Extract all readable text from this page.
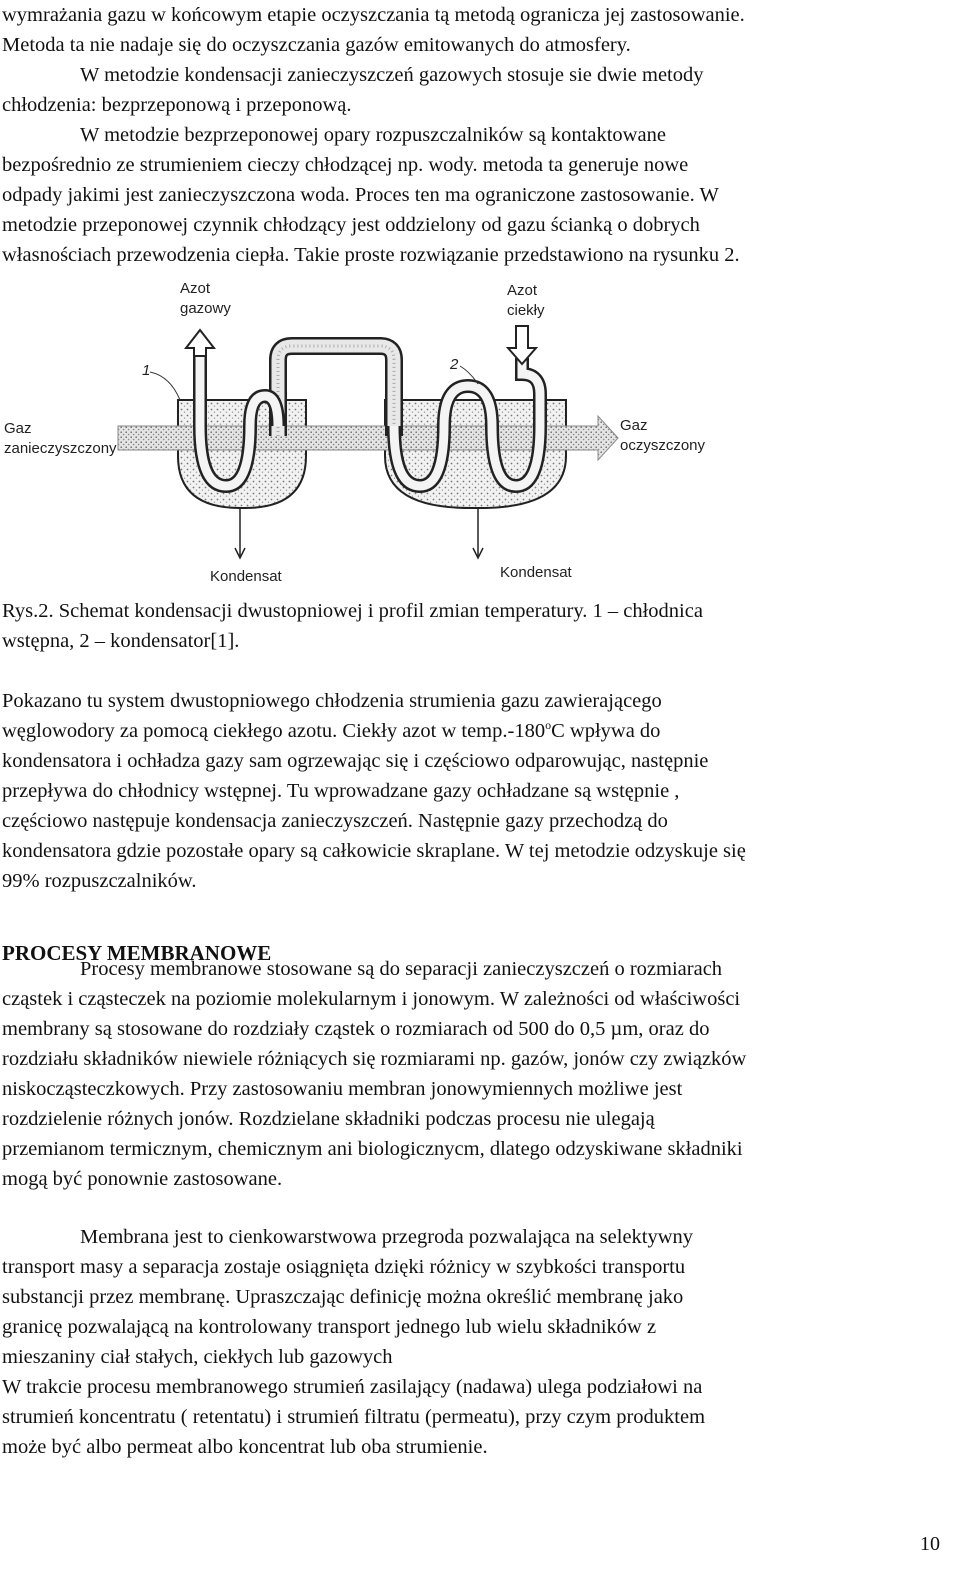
wymrażania gazu w końcowym etapie oczyszczania tą metodą ogranicza jej zastosowanie.
Metoda ta nie nadaje się do oczyszczania gazów emitowanych do atmosfery.
W metodzie kondensacji zanieczyszczeń gazowych stosuje sie dwie metody
chłodzenia: bezprzeponową i przeponową.
W metodzie bezprzeponowej opary rozpuszczalników są kontaktowane
bezpośrednio ze strumieniem cieczy chłodzącej np. wody. metoda ta generuje nowe
odpady jakimi jest zanieczyszczona woda. Proces ten ma ograniczone zastosowanie. W
metodzie przeponowej czynnik chłodzący jest oddzielony od gazu ścianką o dobrych
własnościach przewodzenia ciepła. Takie proste rozwiązanie przedstawiono na rysunku 2.
Azot
gazowy
Azot
ciekły
Gaz
zanieczyszczony
Gaz
oczyszczony
Kondensat	Kondensat
1	2
Rys.2. Schemat kondensacji dwustopniowej i profil zmian temperatury. 1 – chłodnica
wstępna, 2 – kondensator[1].
Pokazano tu system dwustopniowego chłodzenia strumienia gazu zawierającego
węglowodory za pomocą ciekłego azotu. Ciekły azot w temp.-180$^o$C wpływa do
kondensatora i ochładza gazy sam ogrzewając się i częściowo odparowując, następnie
przepływa do chłodnicy wstępnej. Tu wprowadzane gazy ochładzane są wstępnie ,
częściowo następuje kondensacja zanieczyszczeń. Następnie gazy przechodzą do
kondensatora gdzie pozostałe opary są całkowicie skraplane. W tej metodzie odzyskuje się
99% rozpuszczalników.
PROCESY MEMBRANOWE
Procesy membranowe stosowane są do separacji zanieczyszczeń o rozmiarach
cząstek i cząsteczek na poziomie molekularnym i jonowym. W zależności od właściwości
membrany są stosowane do rozdziały cząstek o rozmiarach od 500 do 0,5 µm, oraz do
rozdziału składników niewiele różniących się rozmiarami np. gazów, jonów czy związków
niskocząsteczkowych. Przy zastosowaniu membran jonowymiennych możliwe jest
rozdzielenie różnych jonów. Rozdzielane składniki podczas procesu nie ulegają
przemianom termicznym, chemicznym ani biologicznycm, dlatego odzyskiwane składniki
mogą być ponownie zastosowane.
Membrana jest to cienkowarstwowa przegroda pozwalająca na selektywny
transport masy a separacja zostaje osiągnięta dzięki różnicy w szybkości transportu
substancji przez membranę. Upraszczając definicję można określić membranę jako
granicę pozwalającą na kontrolowany transport jednego lub wielu składników z
mieszaniny ciał stałych, ciekłych lub gazowych
W trakcie procesu membranowego strumień zasilający (nadawa) ulega podziałowi na
strumień koncentratu ( retentatu) i strumień filtratu (permeatu), przy czym produktem
może być albo permeat albo koncentrat lub oba strumienie.
10
